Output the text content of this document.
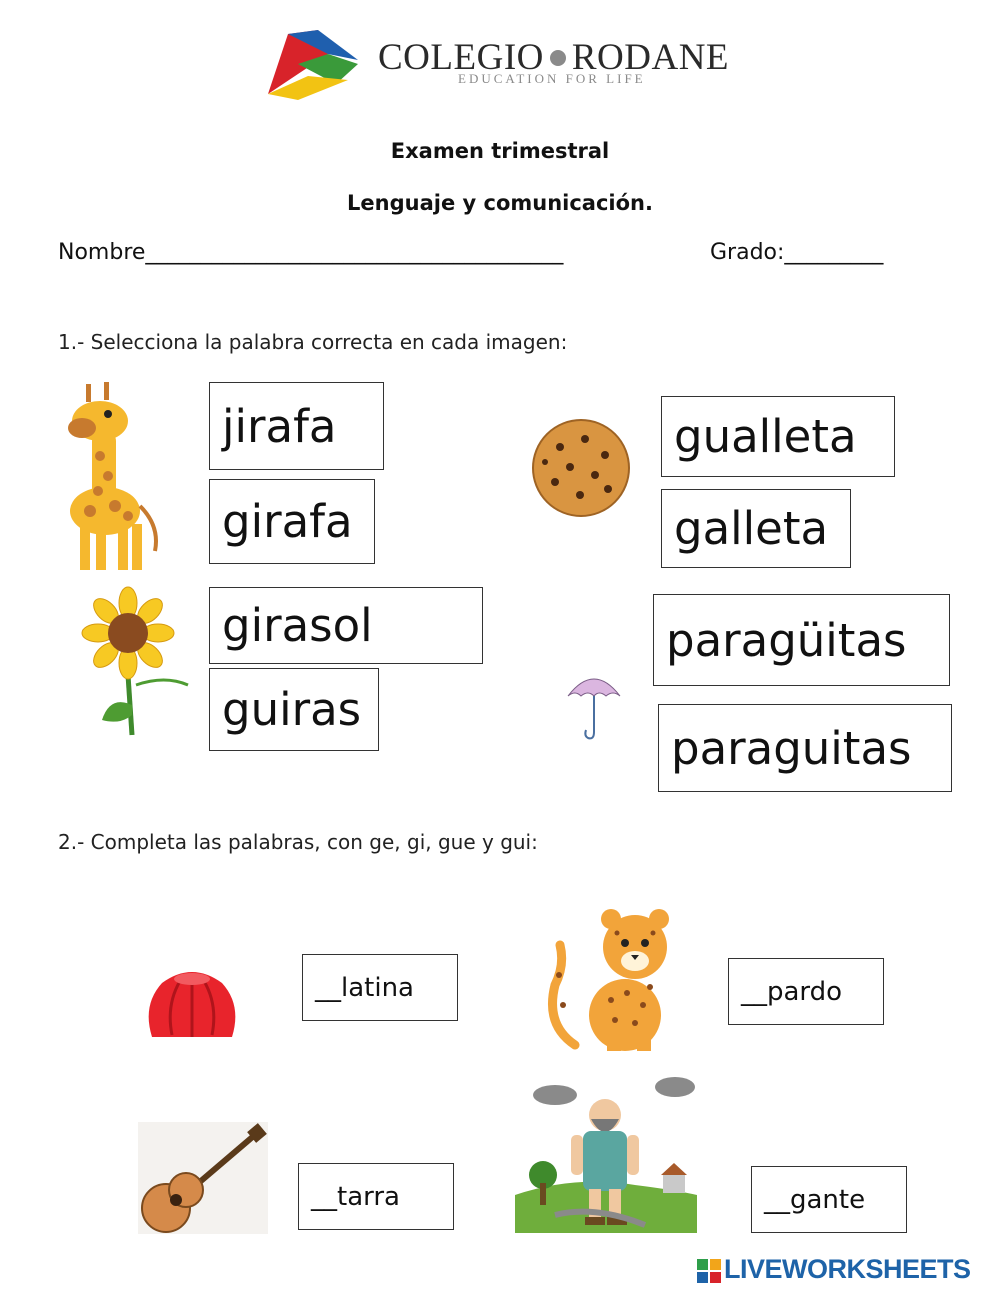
COLEGIO RODANE
EDUCATION FOR LIFE
Examen trimestral
Lenguaje y comunicación.
Nombre______________________________________	Grado:_________
1.- Selecciona la palabra correcta en cada imagen:
jirafa
girafa
girasol
guiras
gualleta
galleta
paragüitas
paraguitas
2.- Completa las palabras, con ge, gi, gue y gui:
__latina	__pardo
__tarra	__gante
LIVEWORKSHEETS
